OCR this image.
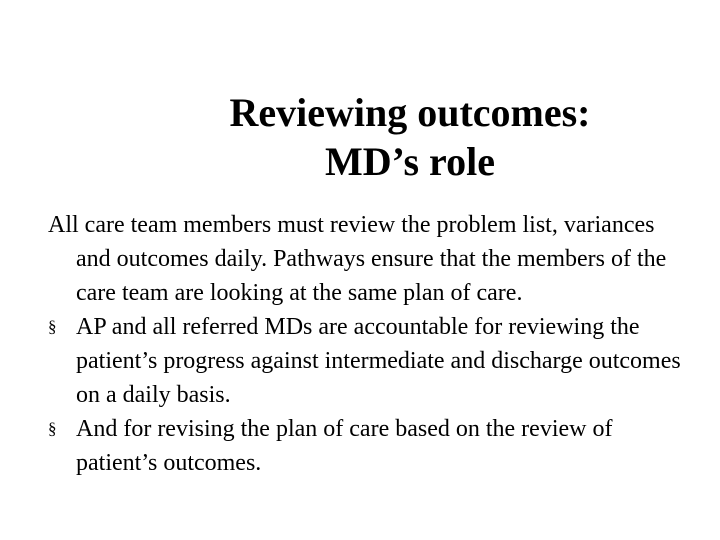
Reviewing outcomes:
MD’s role

All care team members must review the problem list, variances and outcomes daily. Pathways ensure that the members of the care team are looking at the same plan of care.

§ AP and all referred MDs are accountable for reviewing the patient’s progress against intermediate and discharge outcomes on a daily basis.
§ And for revising the plan of care based on the review of patient’s outcomes.
